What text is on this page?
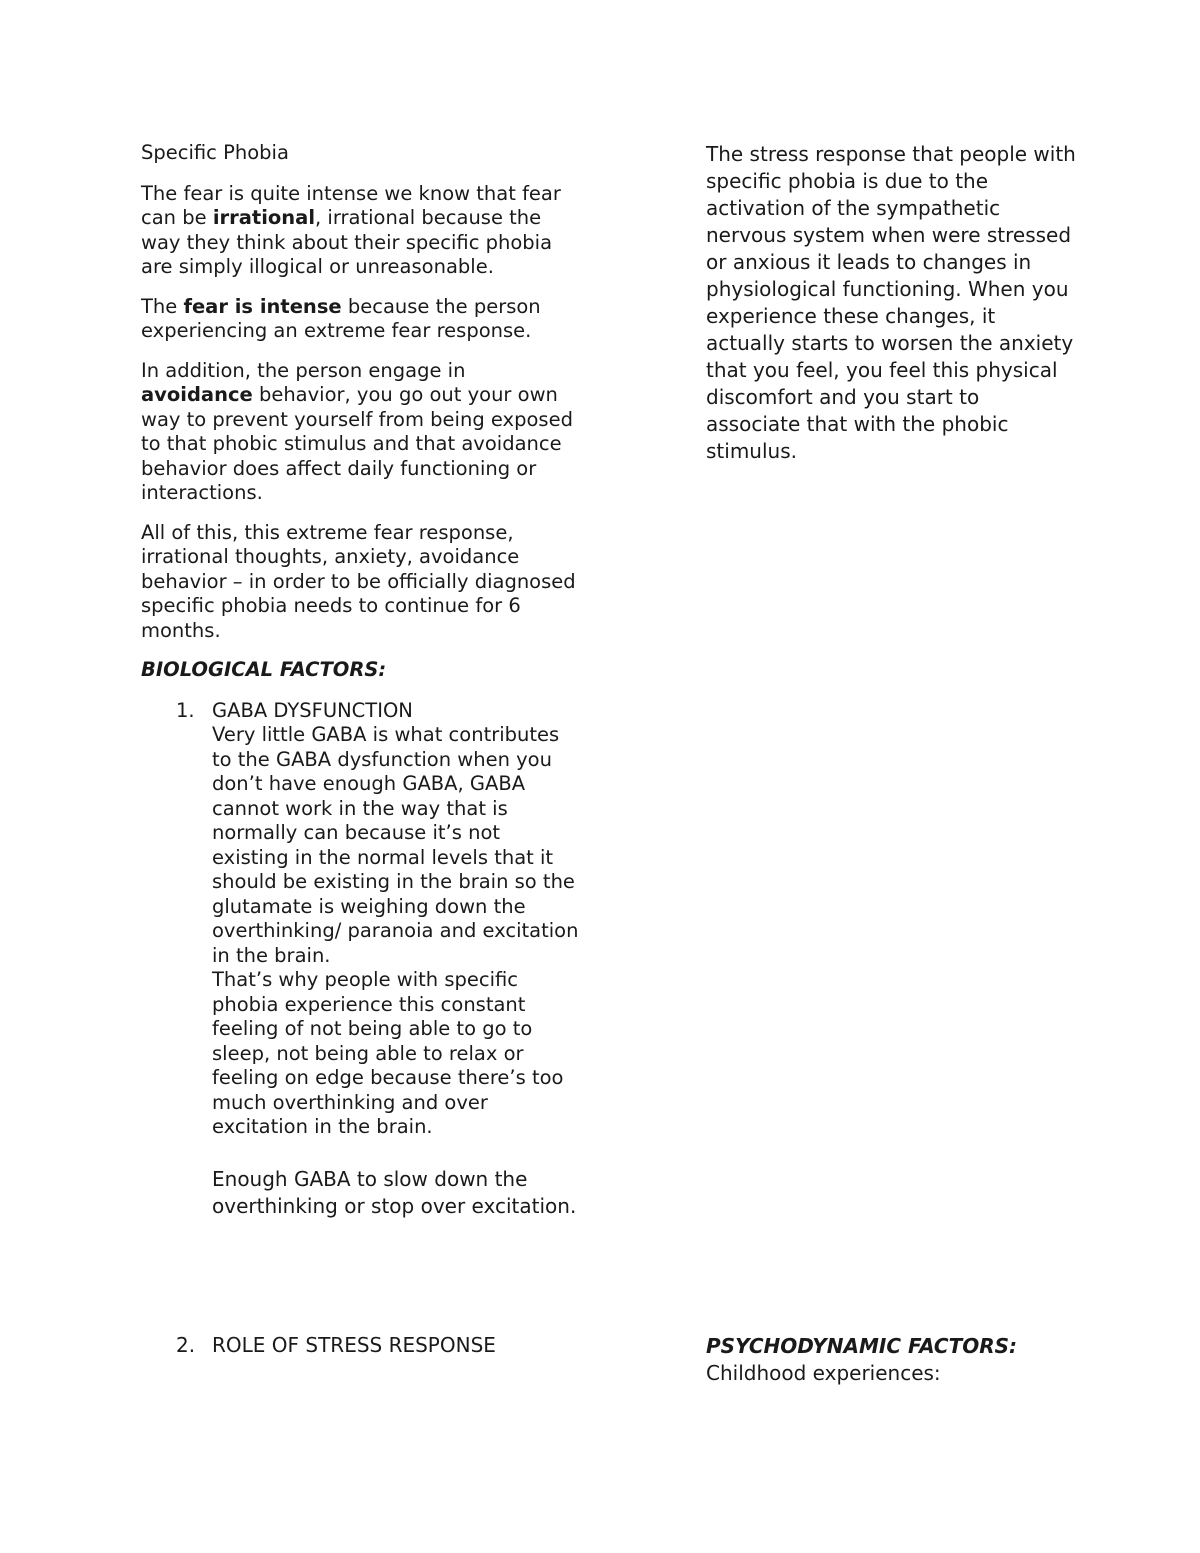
Specific Phobia

The fear is quite intense we know that fear can be irrational, irrational because the way they think about their specific phobia are simply illogical or unreasonable.

The fear is intense because the person experiencing an extreme fear response.

In addition, the person engage in avoidance behavior, you go out your own way to prevent yourself from being exposed to that phobic stimulus and that avoidance behavior does affect daily functioning or interactions.

All of this, this extreme fear response, irrational thoughts, anxiety, avoidance behavior – in order to be officially diagnosed specific phobia needs to continue for 6 months.

BIOLOGICAL FACTORS:

1. GABA DYSFUNCTION
Very little GABA is what contributes to the GABA dysfunction when you don’t have enough GABA, GABA cannot work in the way that is normally can because it’s not existing in the normal levels that it should be existing in the brain so the glutamate is weighing down the overthinking/ paranoia and excitation in the brain.
That’s why people with specific phobia experience this constant feeling of not being able to go to sleep, not being able to relax or feeling on edge because there’s too much overthinking and over excitation in the brain.
Enough GABA to slow down the overthinking or stop over excitation.
2. ROLE OF STRESS RESPONSE

The stress response that people with specific phobia is due to the activation of the sympathetic nervous system when were stressed or anxious it leads to changes in physiological functioning. When you experience these changes, it actually starts to worsen the anxiety that you feel, you feel this physical discomfort and you start to associate that with the phobic stimulus.

PSYCHODYNAMIC FACTORS:

Childhood experiences:
